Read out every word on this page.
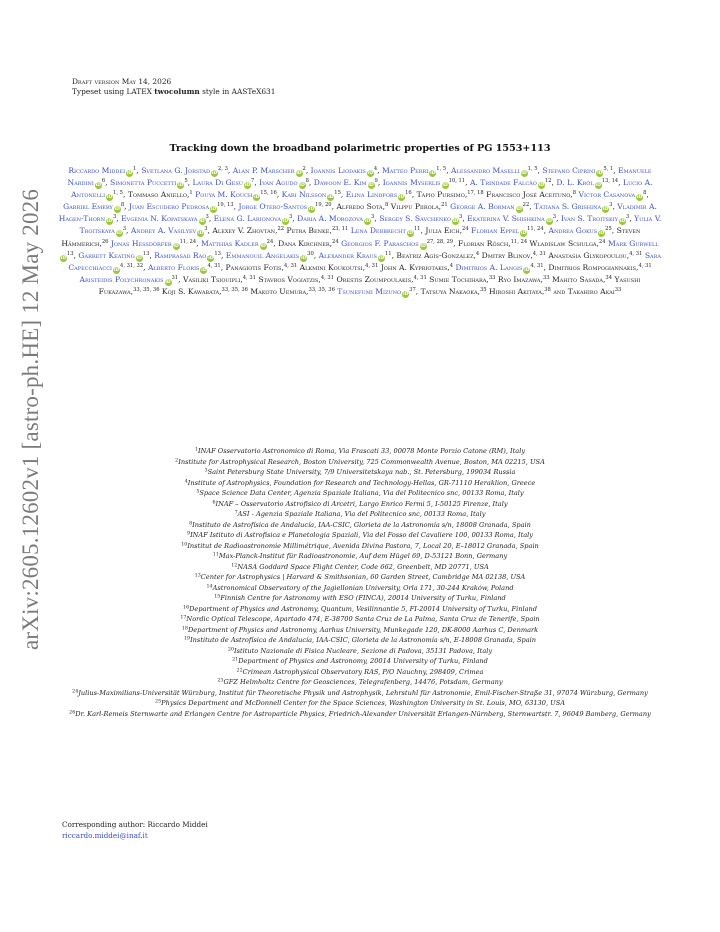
arXiv:2605.12602v1 [astro-ph.HE] 12 May 2026
Draft version May 14, 2026
Typeset using LATEX twocolumn style in AASTeX631
Tracking down the broadband polarimetric properties of PG 1553+113
Riccardo Middei $iD^1$, Svetlana G. Jorstad iD$^{2, 3}$, Alan P. Marscher $iD^2$, Ioannis Liodakis $iD^4$, Matteo Perri iD$^{1, 5}$, Alessandro Maselli iD$^{1, 5}$, Stefano Ciprini iD$^{5, 1}$, Emanuele Nardini $iD^6$, Simonetta Puccetti $iD^5$, Laura Di Gesu $iD^7$, Iván Agudo $iD^8$, Dawoon E. Kim $iD^9$, Ioannis Myserlis iD$^{10, 11}$, A. Trindade Falcão $iD^{12}$, D. L. Król iD$^{13, 14}$, Lucio A. Antonelli iD$^{1, 5}$, Tommaso Aniello,$^1$ Pouya M. Kouch iD$^{15, 16}$, Kari Nilsson $iD^{15}$, Elina Lindfors $iD^{16}$, Tapio Pursimo,$^{17, 18}$ Francisco José Aceituno,$^8$ Víctor Casanova $iD^8$, Gabriel Emery $iD^8$, Juan Escudero Pedrosa iD$^{19, 13}$, Jorge Otero-Santos iD$^{19, 20}$, Alfredo Sota,$^8$ Vilppu Piirola,$^{21}$ George A. Borman $iD^{22}$, Tatiana S. Grishina $iD^3$, Vladimir A. Hagen-Thorn $iD^3$, Evgenia N. Kopatskaya $iD^3$, Elena G. Larionova $iD^3$, Daria A. Morozova $iD^3$, Sergey S. Savchenko $iD^3$, Ekaterina V. Shishkina $iD^3$, Ivan S. Troitskiy $iD^3$, Yulia V. Troitskaya $iD^3$, Andrey A. Vasilyev $iD^3$, Alexey V. Zhovtan,$^{22}$ Petra Benke,$^{23, 11}$ Lena Debbrecht $iD^{11}$, Julia Eich,$^{24}$ Florian Eppel iD$^{11, 24}$, Andrea Gokus $iD^{25}$, Steven Hämmerich,$^{26}$ Jonas Hessdörfer iD$^{11, 24}$, Matthias Kadler $iD^{24}$, Dana Kirchner,$^{24}$ Georgios F. Paraschos iD$^{27, 28, 29}$, Florian Rösch,$^{11, 24}$ Wladislaw Schulga,$^{24}$ Mark GurwelliD$^{13}$, Garrett Keating $iD^{13}$, Ramprasad Rao $iD^{13}$, Emmanouil Angelakis $iD^{30}$, Alexander Kraus $iD^{11}$, Beatriz Agís-González,$^4$ Dmitry Blinov,$^{4, 31}$ Anastasia Glykopoulou,$^{4, 31}$ Sara Capecchiacci iD$^{4, 31, 32}$, Alberto Floris iD$^{4, 31}$, Panagiotis Fotis,$^{4, 31}$ Alkmini Koukoutsi,$^{4, 31}$ John A. Kypriotakis,$^4$ Dimitrios A. Langis iD$^{4, 31}$, Dimitrios Rompogiannakis,$^{4, 31}$ Aristeidis Polychronakis $iD^{31}$, Vasiliki Tsiouipli,$^{4, 31}$ Stavros Vogiatzis,$^{4, 31}$ Orestis Zoumpoulakis,$^{4, 31}$ Sumie Tochihara,$^{33}$ Ryo Imazawa,$^{33}$ Mahito Sasada,$^{34}$ Yasushi Fukazawa,$^{33, 35, 36}$ Koji S. Kawabata,$^{33, 35, 36}$ Makoto Uemura,$^{33, 35, 36}$ Tsunefumi Mizuno $iD^{37}$, Tatsuya Nakaoka,$^{35}$ Hiroshi Akitaya,$^{38}$ and Takahiro Akai$^{33}$
$^1$INAF Osservatorio Astronomico di Roma, Via Frascati 33, 00078 Monte Porzio Catone (RM), Italy
$^2$Institute for Astrophysical Research, Boston University, 725 Commonwealth Avenue, Boston, MA 02215, USA
$^3$Saint Petersburg State University, 7/9 Universitetskaya nab., St. Petersburg, 199034 Russia
$^4$Institute of Astrophysics, Foundation for Research and Technology-Hellas, GR-71110 Heraklion, Greece
$^5$Space Science Data Center, Agenzia Spaziale Italiana, Via del Politecnico snc, 00133 Roma, Italy
$^6$INAF – Osservatorio Astrofisico di Arcetri, Largo Enrico Fermi 5, I-50125 Firenze, Italy
$^7$ASI - Agenzia Spaziale Italiana, Via del Politecnico snc, 00133 Roma, Italy
$^8$Instituto de Astrofísica de Andalucía, IAA-CSIC, Glorieta de la Astronomía s/n, 18008 Granada, Spain
$^9$INAF Istituto di Astrofisica e Planetologia Spaziali, Via del Fosso del Cavaliere 100, 00133 Roma, Italy
$^{10}$Institut de Radioastronomie Millimétrique, Avenida Divina Pastora, 7, Local 20, E–18012 Granada, Spain
$^{11}$Max-Planck-Institut für Radioastronomie, Auf dem Hügel 69, D-53121 Bonn, Germany
$^{12}$NASA Goddard Space Flight Center, Code 662, Greenbelt, MD 20771, USA
$^{13}$Center for Astrophysics | Harvard & Smithsonian, 60 Garden Street, Cambridge MA 02138, USA
$^{14}$Astronomical Observatory of the Jagiellonian University, Orla 171, 30-244 Kraków, Poland
$^{15}$Finnish Centre for Astronomy with ESO (FINCA), 20014 University of Turku, Finland
$^{16}$Department of Physics and Astronomy, Quantum, Vesilinnantie 5, FI-20014 University of Turku, Finland
$^{17}$Nordic Optical Telescope, Apartado 474, E-38700 Santa Cruz de La Palma, Santa Cruz de Tenerife, Spain
$^{18}$Department of Physics and Astronomy, Aarhus University, Munkegade 120, DK-8000 Aarhus C, Denmark
$^{19}$Instituto de Astrofísica de Andalucía, IAA-CSIC, Glorieta de la Astronomía s/n, E-18008 Granada, Spain
$^{20}$Istituto Nazionale di Fisica Nucleare, Sezione di Padova, 35131 Padova, Italy
$^{21}$Department of Physics and Astronomy, 20014 University of Turku, Finland
$^{22}$Crimean Astrophysical Observatory RAS, P/O Nauchny, 298409, Crimea
$^{23}$GFZ Helmholtz Centre for Geosciences, Telegrafenberg, 14476, Potsdam, Germany
$^{24}$Julius-Maximilians-Universität Würzburg, Institut für Theoretische Physik und Astrophysik, Lehrstuhl für Astronomie, Emil-Fischer-Straße 31, 97074 Würzburg, Germany
$^{25}$Physics Department and McDonnell Center for the Space Sciences, Washington University in St. Louis, MO, 63130, USA
$^{26}$Dr. Karl-Remeis Sternwarte and Erlangen Centre for Astroparticle Physics, Friedrich-Alexander Universität Erlangen-Nürnberg, Sternwartstr. 7, 96049 Bamberg, Germany
Corresponding author: Riccardo Middei
riccardo.middei@inaf.it
